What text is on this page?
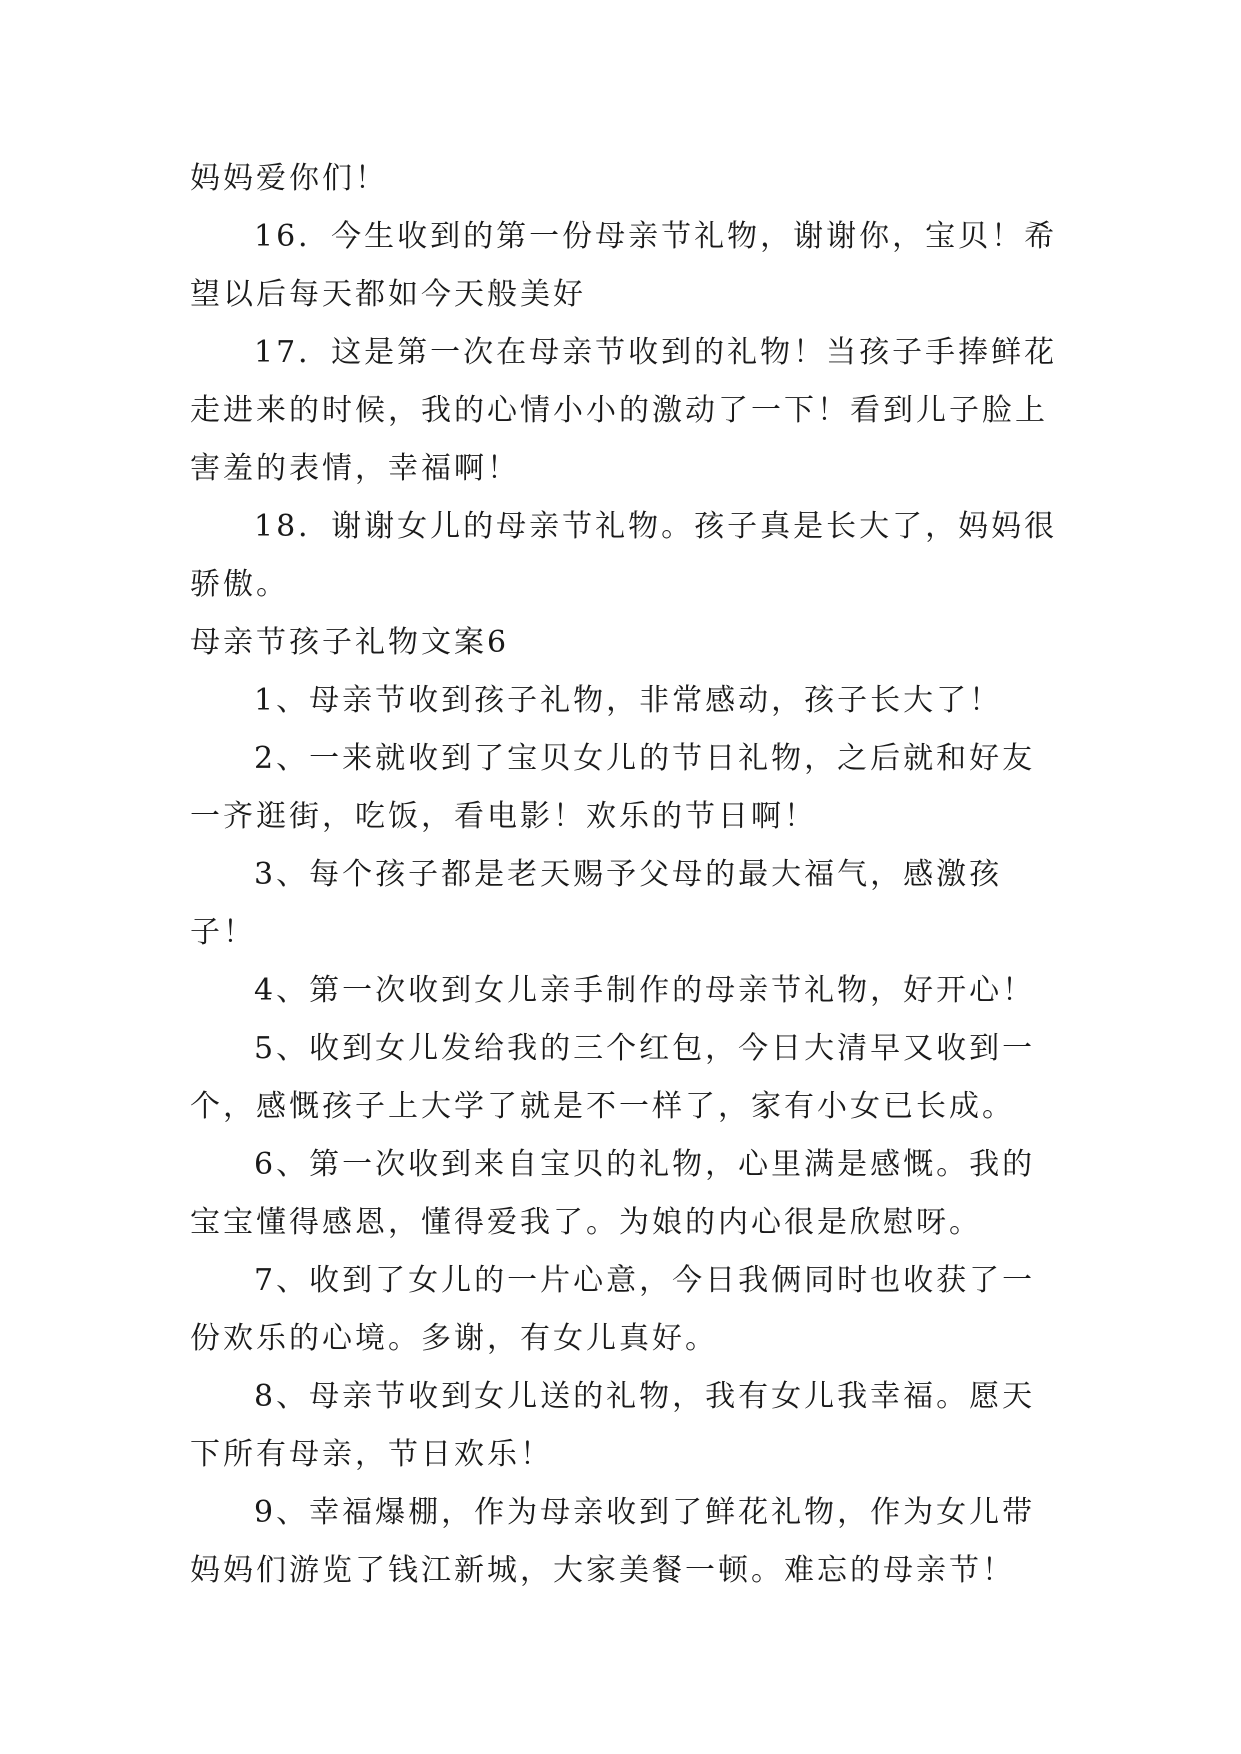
妈妈爱你们！

16．今生收到的第一份母亲节礼物，谢谢你，宝贝！希望以后每天都如今天般美好

17．这是第一次在母亲节收到的礼物！当孩子手捧鲜花走进来的时候，我的心情小小的激动了一下！看到儿子脸上害羞的表情，幸福啊！

18．谢谢女儿的母亲节礼物。孩子真是长大了，妈妈很骄傲。

母亲节孩子礼物文案6

1、母亲节收到孩子礼物，非常感动，孩子长大了！

2、一来就收到了宝贝女儿的节日礼物，之后就和好友一齐逛街，吃饭，看电影！欢乐的节日啊！

3、每个孩子都是老天赐予父母的最大福气，感激孩子！

4、第一次收到女儿亲手制作的母亲节礼物，好开心！

5、收到女儿发给我的三个红包，今日大清早又收到一个，感慨孩子上大学了就是不一样了，家有小女已长成。

6、第一次收到来自宝贝的礼物，心里满是感慨。我的宝宝懂得感恩，懂得爱我了。为娘的内心很是欣慰呀。

7、收到了女儿的一片心意，今日我俩同时也收获了一份欢乐的心境。多谢，有女儿真好。

8、母亲节收到女儿送的礼物，我有女儿我幸福。愿天下所有母亲，节日欢乐！

9、幸福爆棚，作为母亲收到了鲜花礼物，作为女儿带妈妈们游览了钱江新城，大家美餐一顿。难忘的母亲节！
